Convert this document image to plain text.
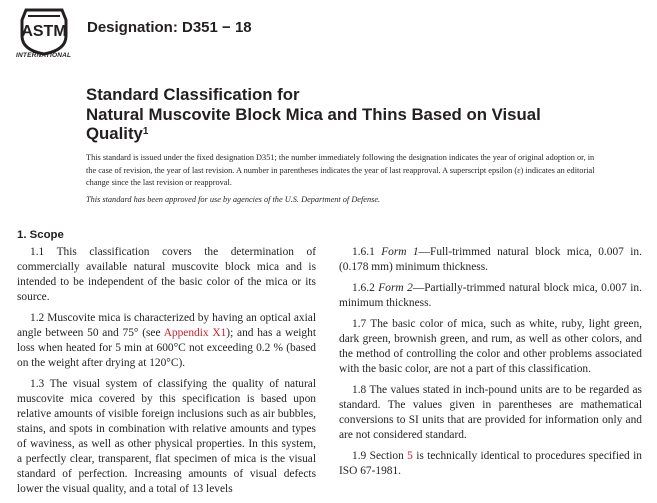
ASTM
INTERNATIONAL
Designation: D351 − 18
Standard Classification for
Natural Muscovite Block Mica and Thins Based on Visual
Quality$^1$
This standard is issued under the fixed designation D351; the number immediately following the designation indicates the year of original adoption or, in the case of revision, the year of last revision. A number in parentheses indicates the year of last reapproval. A superscript epsilon (ε) indicates an editorial change since the last revision or reapproval.
This standard has been approved for use by agencies of the U.S. Department of Defense.
1. Scope

1.1 This classification covers the determination of commercially available natural muscovite block mica and is intended to be independent of the basic color of the mica or its source.

1.2 Muscovite mica is characterized by having an optical axial angle between 50 and 75° (see Appendix X1); and has a weight loss when heated for 5 min at 600°C not exceeding 0.2 % (based on the weight after drying at 120°C).

1.3 The visual system of classifying the quality of natural muscovite mica covered by this specification is based upon relative amounts of visible foreign inclusions such as air bubbles, stains, and spots in combination with relative amounts and types of waviness, as well as other physical properties. In this system, a perfectly clear, transparent, flat specimen of mica is the visual standard of perfection. Increasing amounts of visual defects lower the visual quality, and a total of 13 levels

1.6.1 Form 1—Full-trimmed natural block mica, 0.007 in. (0.178 mm) minimum thickness.

1.6.2 Form 2—Partially-trimmed natural block mica, 0.007 in. minimum thickness.

1.7 The basic color of mica, such as white, ruby, light green, dark green, brownish green, and rum, as well as other colors, and the method of controlling the color and other problems associated with the basic color, are not a part of this classification.

1.8 The values stated in inch-pound units are to be regarded as standard. The values given in parentheses are mathematical conversions to SI units that are provided for information only and are not considered standard.

1.9 Section 5 is technically identical to procedures specified in ISO 67-1981.
